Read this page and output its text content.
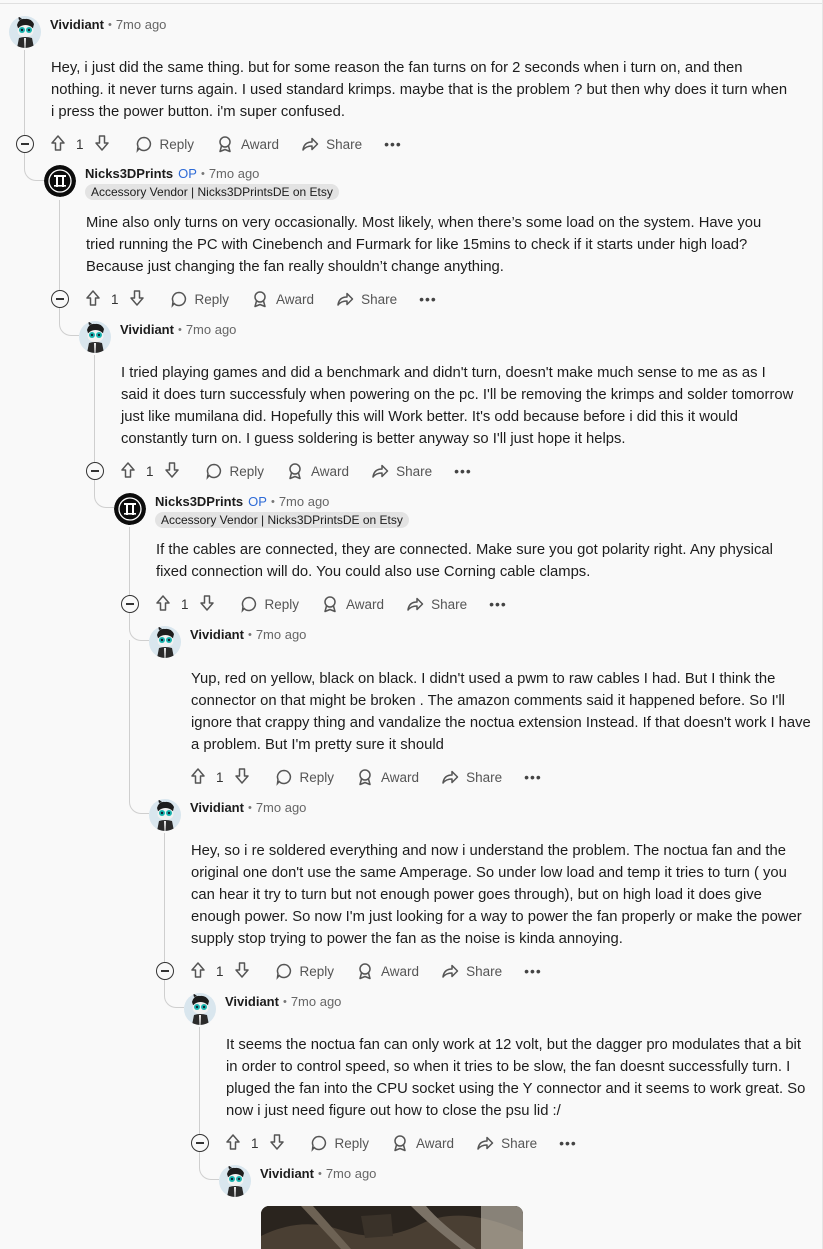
Vividiant • 7mo ago
Hey, i just did the same thing. but for some reason the fan turns on for 2 seconds when i turn on, and then nothing. it never turns again. I used standard krimps. maybe that is the problem ? but then why does it turn when i press the power button. i'm super confused.
1	Reply	Award	Share •••
Nicks3DPrints OP • 7mo ago
Accessory Vendor | Nicks3DPrintsDE on Etsy
Mine also only turns on very occasionally. Most likely, when there’s some load on the system. Have you tried running the PC with Cinebench and Furmark for like 15mins to check if it starts under high load? Because just changing the fan really shouldn’t change anything.
1	Reply	Award	Share •••
Vividiant • 7mo ago
I tried playing games and did a benchmark and didn't turn, doesn't make much sense to me as as I said it does turn successfuly when powering on the pc. I'll be removing the krimps and solder tomorrow just like mumilana did. Hopefully this will Work better. It's odd because before i did this it would constantly turn on. I guess soldering is better anyway so I'll just hope it helps.
1	Reply	Award	Share •••
Nicks3DPrints OP • 7mo ago
Accessory Vendor | Nicks3DPrintsDE on Etsy
If the cables are connected, they are connected. Make sure you got polarity right. Any physical fixed connection will do. You could also use Corning cable clamps.
1	Reply	Award	Share •••
Vividiant • 7mo ago
Yup, red on yellow, black on black. I didn't used a pwm to raw cables I had. But I think the connector on that might be broken . The amazon comments said it happened before. So I'll ignore that crappy thing and vandalize the noctua extension Instead. If that doesn't work I have a problem. But I'm pretty sure it should
1	Reply	Award	Share •••
Vividiant • 7mo ago
Hey, so i re soldered everything and now i understand the problem. The noctua fan and the original one don't use the same Amperage. So under low load and temp it tries to turn ( you can hear it try to turn but not enough power goes through), but on high load it does give enough power. So now I'm just looking for a way to power the fan properly or make the power supply stop trying to power the fan as the noise is kinda annoying.
1	Reply	Award	Share •••
Vividiant • 7mo ago
It seems the noctua fan can only work at 12 volt, but the dagger pro modulates that a bit in order to control speed, so when it tries to be slow, the fan doesnt successfully turn. I pluged the fan into the CPU socket using the Y connector and it seems to work great. So now i just need figure out how to close the psu lid :/
1	Reply	Award	Share •••
Vividiant • 7mo ago
